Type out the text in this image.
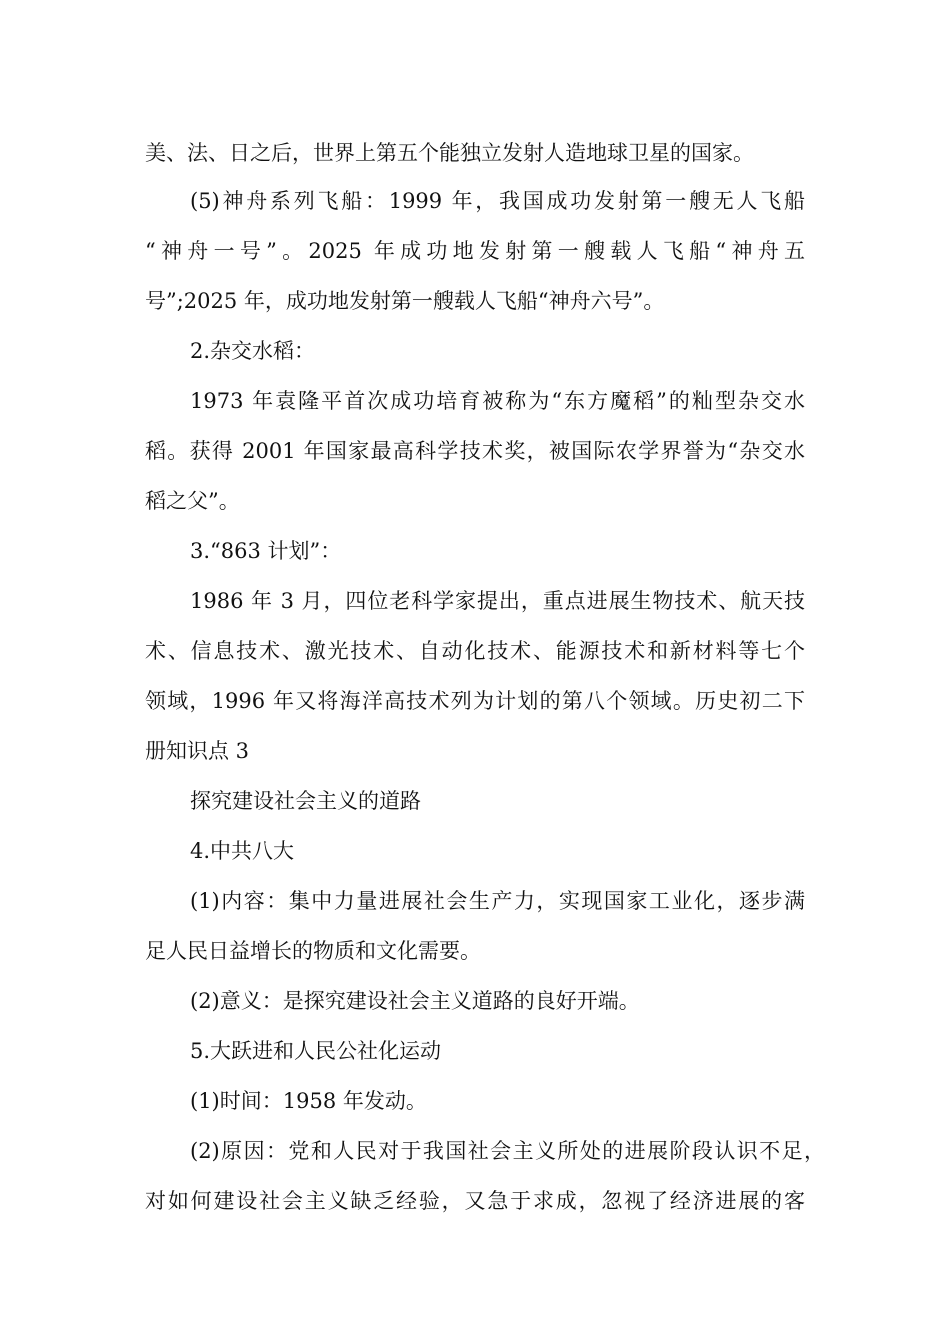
美、法、日之后，世界上第五个能独立发射人造地球卫星的国家。
(5)神舟系列飞船：1999 年，我国成功发射第一艘无人飞船
“神舟一号”。2025 年成功地发射第一艘载人飞船“神舟五
号”;2025 年，成功地发射第一艘载人飞船“神舟六号”。
2.杂交水稻：
1973 年袁隆平首次成功培育被称为“东方魔稻”的籼型杂交水
稻。获得 2001 年国家最高科学技术奖，被国际农学界誉为“杂交水
稻之父”。
3.“863 计划”：
1986 年 3 月，四位老科学家提出，重点进展生物技术、航天技
术、信息技术、激光技术、自动化技术、能源技术和新材料等七个
领域，1996 年又将海洋高技术列为计划的第八个领域。历史初二下
册知识点 3
探究建设社会主义的道路
4.中共八大
(1)内容：集中力量进展社会生产力，实现国家工业化，逐步满
足人民日益增长的物质和文化需要。
(2)意义：是探究建设社会主义道路的良好开端。
5.大跃进和人民公社化运动
(1)时间：1958 年发动。
(2)原因：党和人民对于我国社会主义所处的进展阶段认识不足，
对如何建设社会主义缺乏经验，又急于求成，忽视了经济进展的客
